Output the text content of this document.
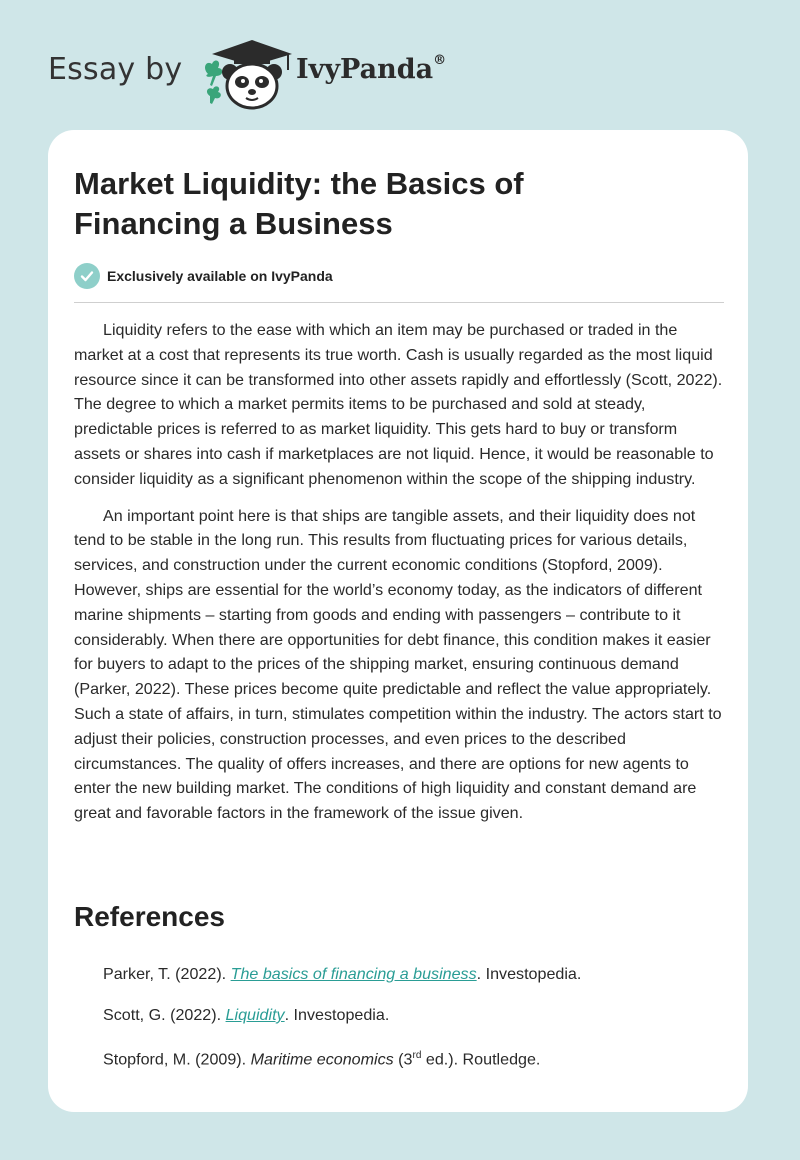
Essay by	IvyPanda®
Market Liquidity: the Basics of Financing a Business
Exclusively available on IvyPanda

Liquidity refers to the ease with which an item may be purchased or traded in the market at a cost that represents its true worth. Cash is usually regarded as the most liquid resource since it can be transformed into other assets rapidly and effortlessly (Scott, 2022). The degree to which a market permits items to be purchased and sold at steady, predictable prices is referred to as market liquidity. This gets hard to buy or transform assets or shares into cash if marketplaces are not liquid. Hence, it would be reasonable to consider liquidity as a significant phenomenon within the scope of the shipping industry.

An important point here is that ships are tangible assets, and their liquidity does not tend to be stable in the long run. This results from fluctuating prices for various details, services, and construction under the current economic conditions (Stopford, 2009). However, ships are essential for the world’s economy today, as the indicators of different marine shipments – starting from goods and ending with passengers – contribute to it considerably. When there are opportunities for debt finance, this condition makes it easier for buyers to adapt to the prices of the shipping market, ensuring continuous demand (Parker, 2022). These prices become quite predictable and reflect the value appropriately. Such a state of affairs, in turn, stimulates competition within the industry. The actors start to adjust their policies, construction processes, and even prices to the described circumstances. The quality of offers increases, and there are options for new agents to enter the new building market. The conditions of high liquidity and constant demand are great and favorable factors in the framework of the issue given.

References
Parker, T. (2022). The basics of financing a business. Investopedia.
Scott, G. (2022). Liquidity. Investopedia.
Stopford, M. (2009). Maritime economics (3rd ed.). Routledge.
